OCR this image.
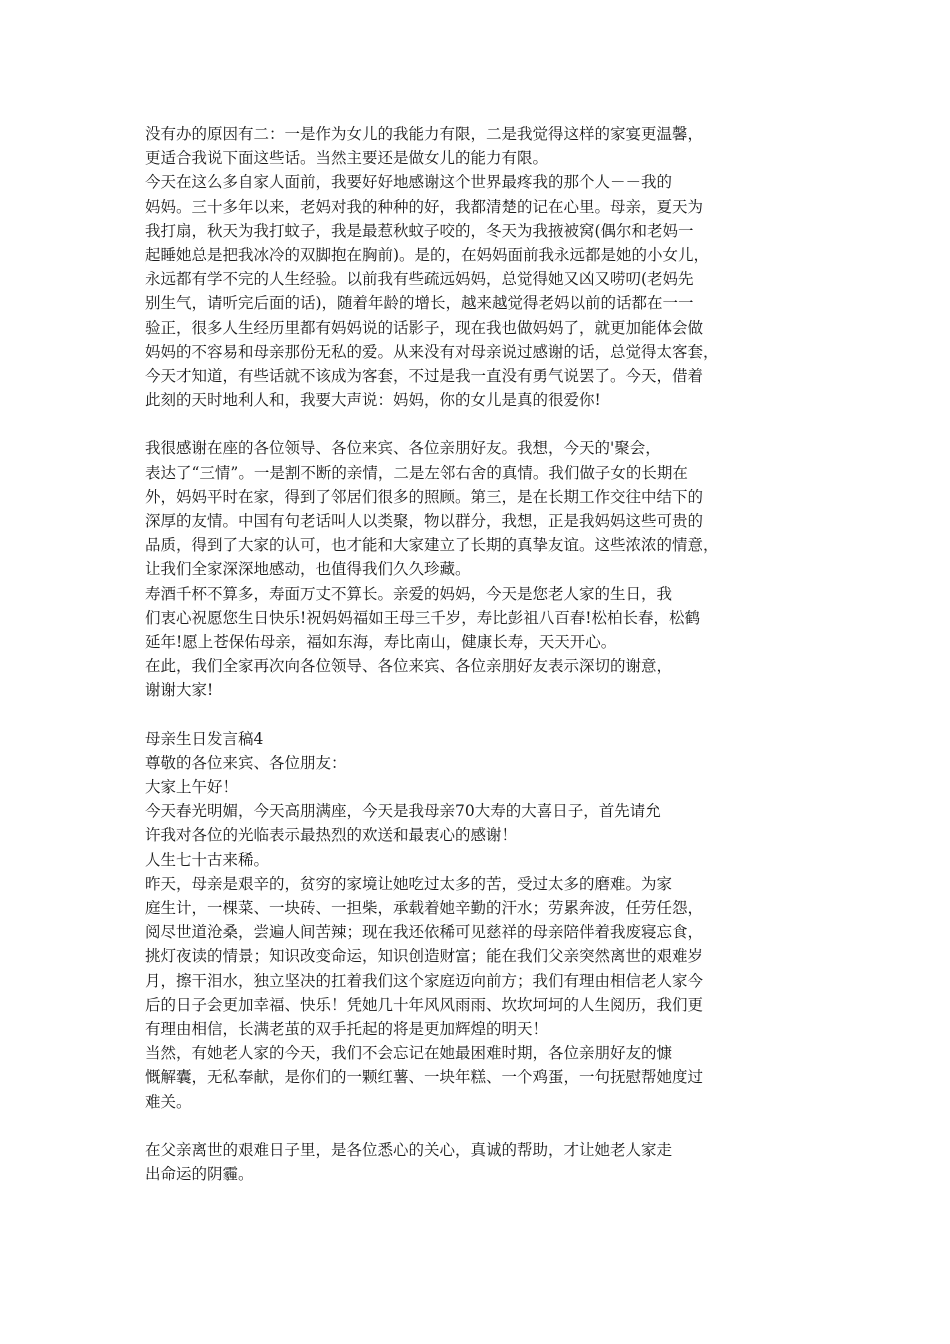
没有办的原因有二：一是作为女儿的我能力有限，二是我觉得这样的家宴更温馨，
更适合我说下面这些话。当然主要还是做女儿的能力有限。
今天在这么多自家人面前，我要好好地感谢这个世界最疼我的那个人－－我的
妈妈。三十多年以来，老妈对我的种种的好，我都清楚的记在心里。母亲，夏天为
我打扇，秋天为我打蚊子，我是最惹秋蚊子咬的，冬天为我掖被窝(偶尔和老妈一
起睡她总是把我冰冷的双脚抱在胸前)。是的，在妈妈面前我永远都是她的小女儿，
永远都有学不完的人生经验。以前我有些疏远妈妈，总觉得她又凶又唠叨(老妈先
别生气，请听完后面的话)，随着年龄的增长，越来越觉得老妈以前的话都在一一
验正，很多人生经历里都有妈妈说的话影子，现在我也做妈妈了，就更加能体会做
妈妈的不容易和母亲那份无私的爱。从来没有对母亲说过感谢的话，总觉得太客套，
今天才知道，有些话就不该成为客套，不过是我一直没有勇气说罢了。今天，借着
此刻的天时地利人和，我要大声说：妈妈，你的女儿是真的很爱你!
我很感谢在座的各位领导、各位来宾、各位亲朋好友。我想，今天的'聚会，
表达了“三情”。一是割不断的亲情，二是左邻右舍的真情。我们做子女的长期在
外，妈妈平时在家，得到了邻居们很多的照顾。第三，是在长期工作交往中结下的
深厚的友情。中国有句老话叫人以类聚，物以群分，我想，正是我妈妈这些可贵的
品质，得到了大家的认可，也才能和大家建立了长期的真挚友谊。这些浓浓的情意，
让我们全家深深地感动，也值得我们久久珍藏。
寿酒千杯不算多，寿面万丈不算长。亲爱的妈妈，今天是您老人家的生日，我
们衷心祝愿您生日快乐!祝妈妈福如王母三千岁，寿比彭祖八百春!松柏长春，松鹤
延年!愿上苍保佑母亲，福如东海，寿比南山，健康长寿，天天开心。
在此，我们全家再次向各位领导、各位来宾、各位亲朋好友表示深切的谢意，
谢谢大家!
母亲生日发言稿4
尊敬的各位来宾、各位朋友：
大家上午好！
今天春光明媚，今天高朋满座，今天是我母亲70大寿的大喜日子，首先请允
许我对各位的光临表示最热烈的欢送和最衷心的感谢！
人生七十古来稀。
昨天，母亲是艰辛的，贫穷的家境让她吃过太多的苦，受过太多的磨难。为家
庭生计，一棵菜、一块砖、一担柴，承载着她辛勤的汗水；劳累奔波，任劳任怨，
阅尽世道沧桑，尝遍人间苦辣；现在我还依稀可见慈祥的母亲陪伴着我废寝忘食，
挑灯夜读的情景；知识改变命运，知识创造财富；能在我们父亲突然离世的艰难岁
月，擦干泪水，独立坚决的扛着我们这个家庭迈向前方；我们有理由相信老人家今
后的日子会更加幸福、快乐！凭她几十年风风雨雨、坎坎坷坷的人生阅历，我们更
有理由相信，长满老茧的双手托起的将是更加辉煌的明天！
当然，有她老人家的今天，我们不会忘记在她最困难时期，各位亲朋好友的慷
慨解囊，无私奉献，是你们的一颗红薯、一块年糕、一个鸡蛋，一句抚慰帮她度过
难关。
在父亲离世的艰难日子里，是各位悉心的关心，真诚的帮助，才让她老人家走
出命运的阴霾。
